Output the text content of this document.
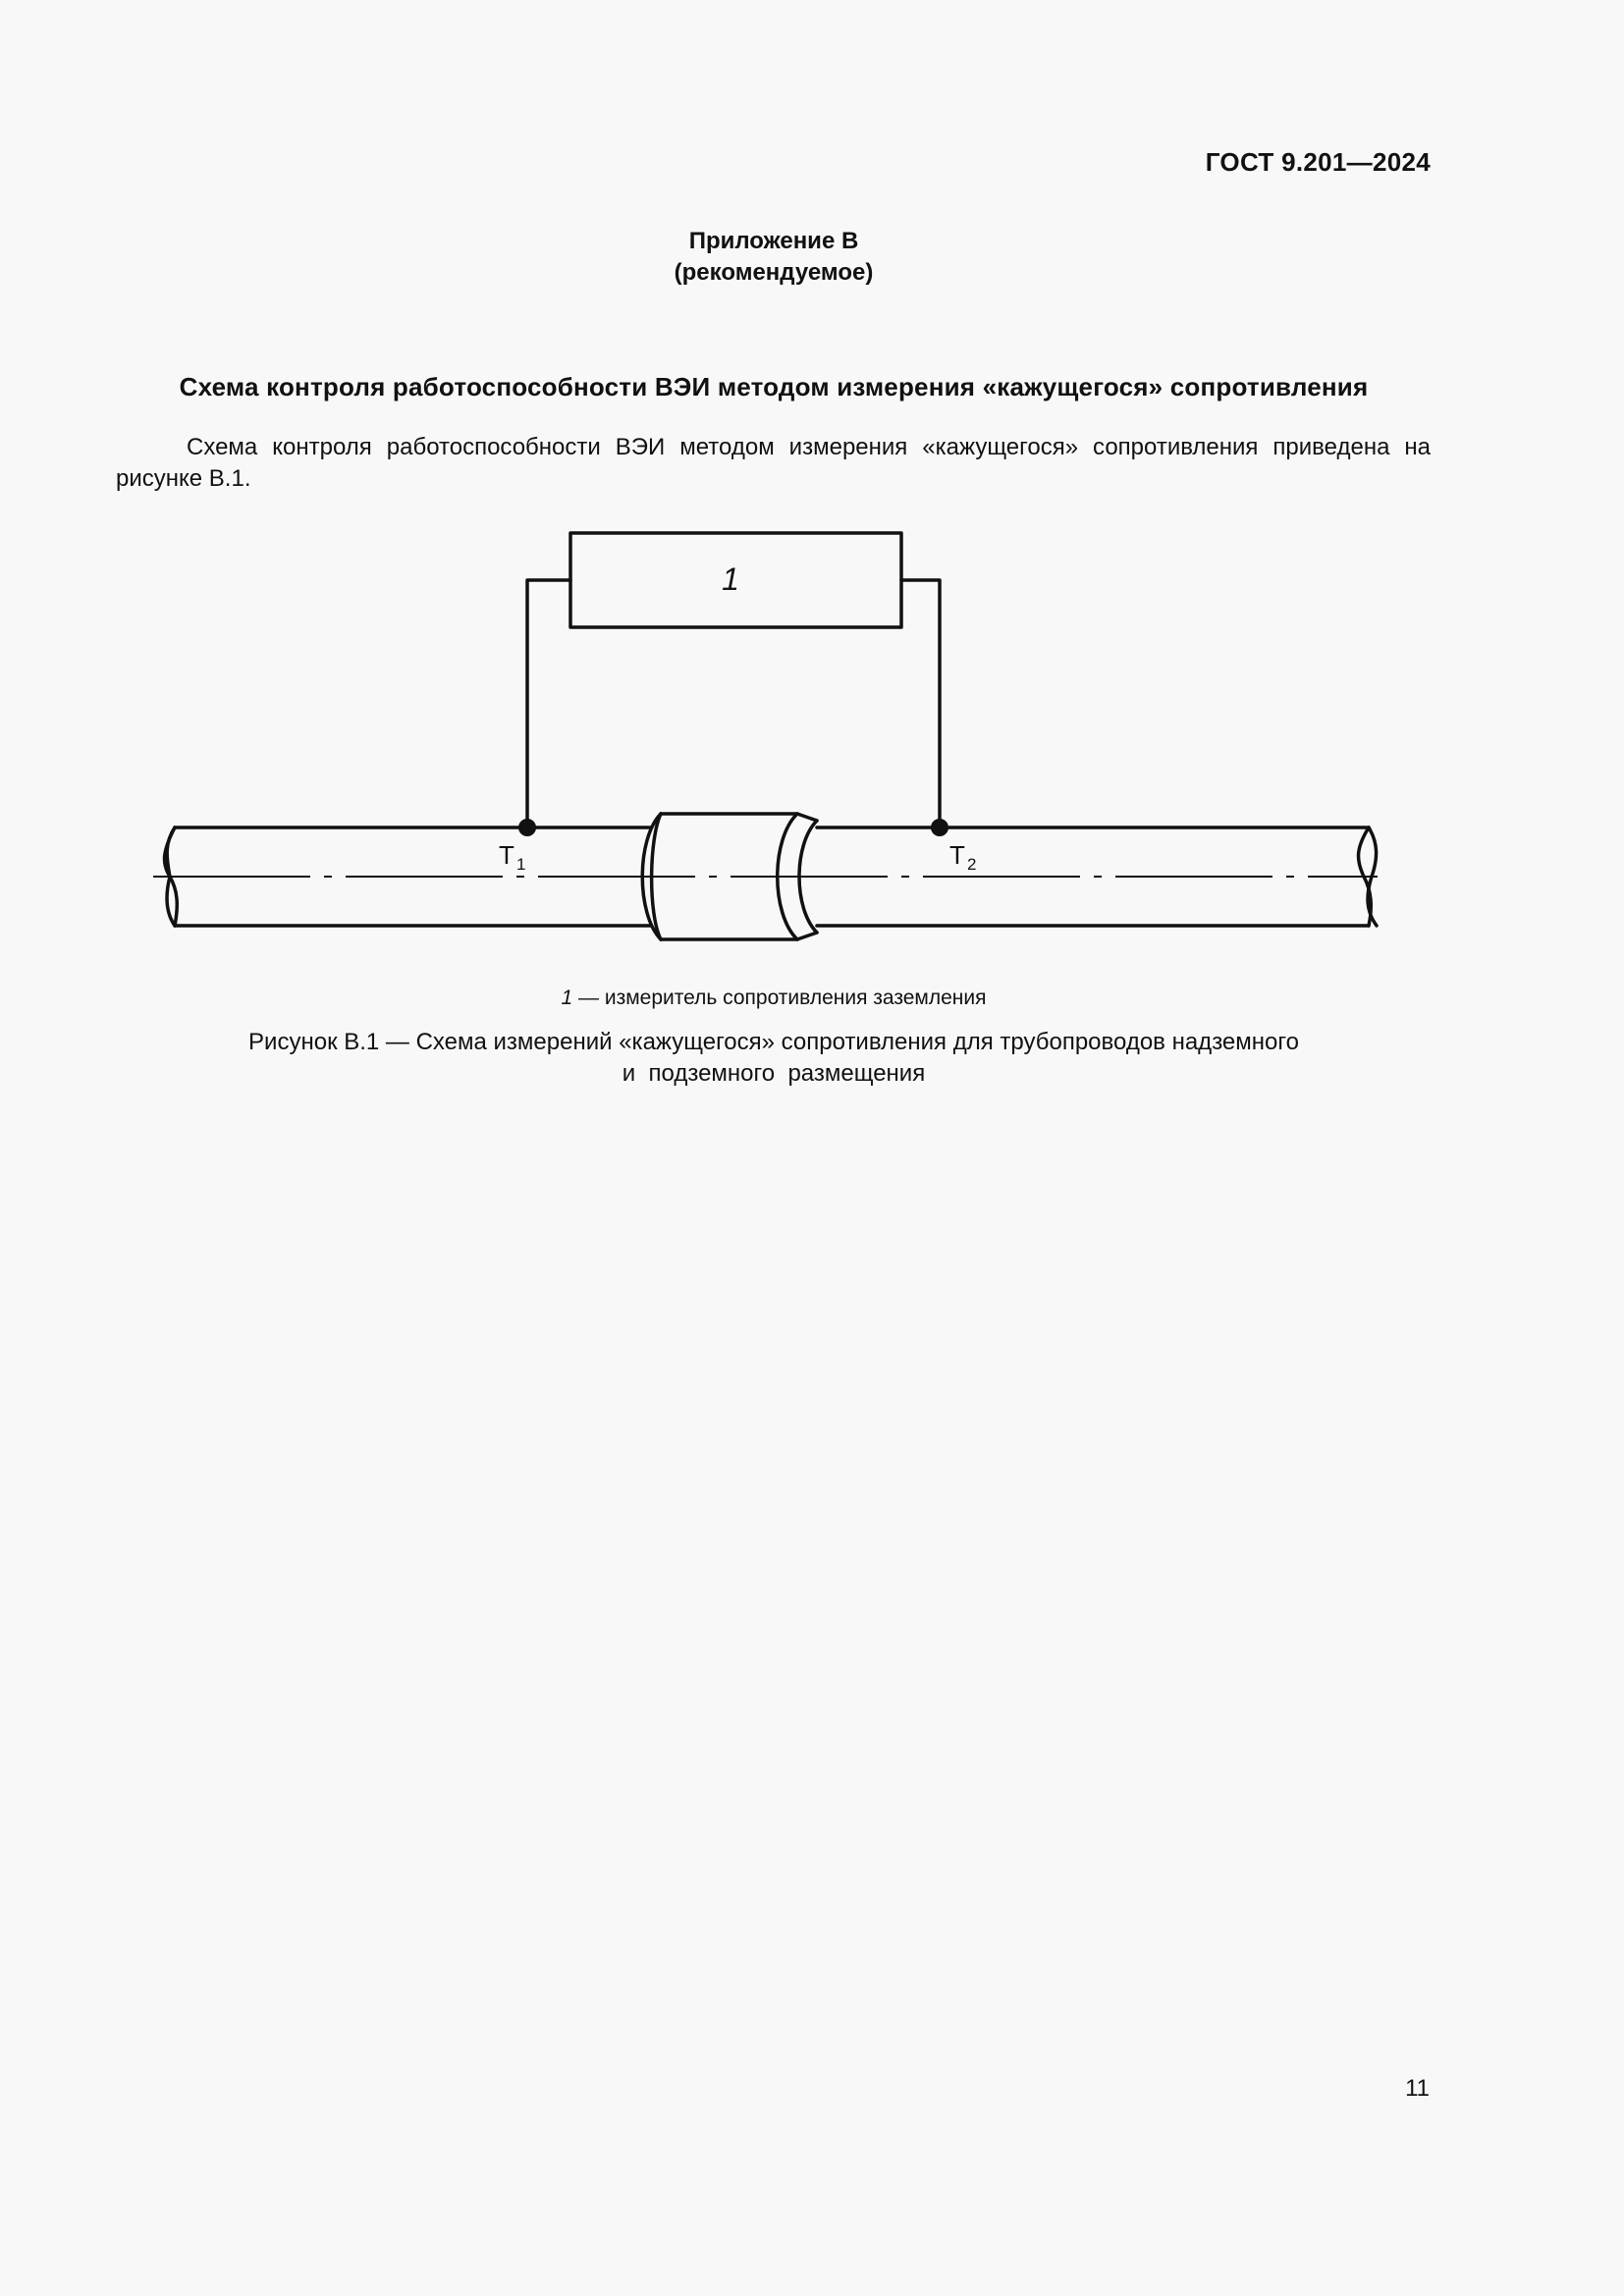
ГОСТ 9.201—2024
Приложение В
(рекомендуемое)
Схема контроля работоспособности ВЭИ методом измерения «кажущегося» сопротивления
Схема контроля работоспособности ВЭИ методом измерения «кажущегося» сопротивления приведена на рисунке В.1.
1
Т 1	Т 2
1 — измеритель сопротивления заземления
Рисунок В.1 — Схема измерений «кажущегося» сопротивления для трубопроводов надземного
и  подземного  размещения
11
